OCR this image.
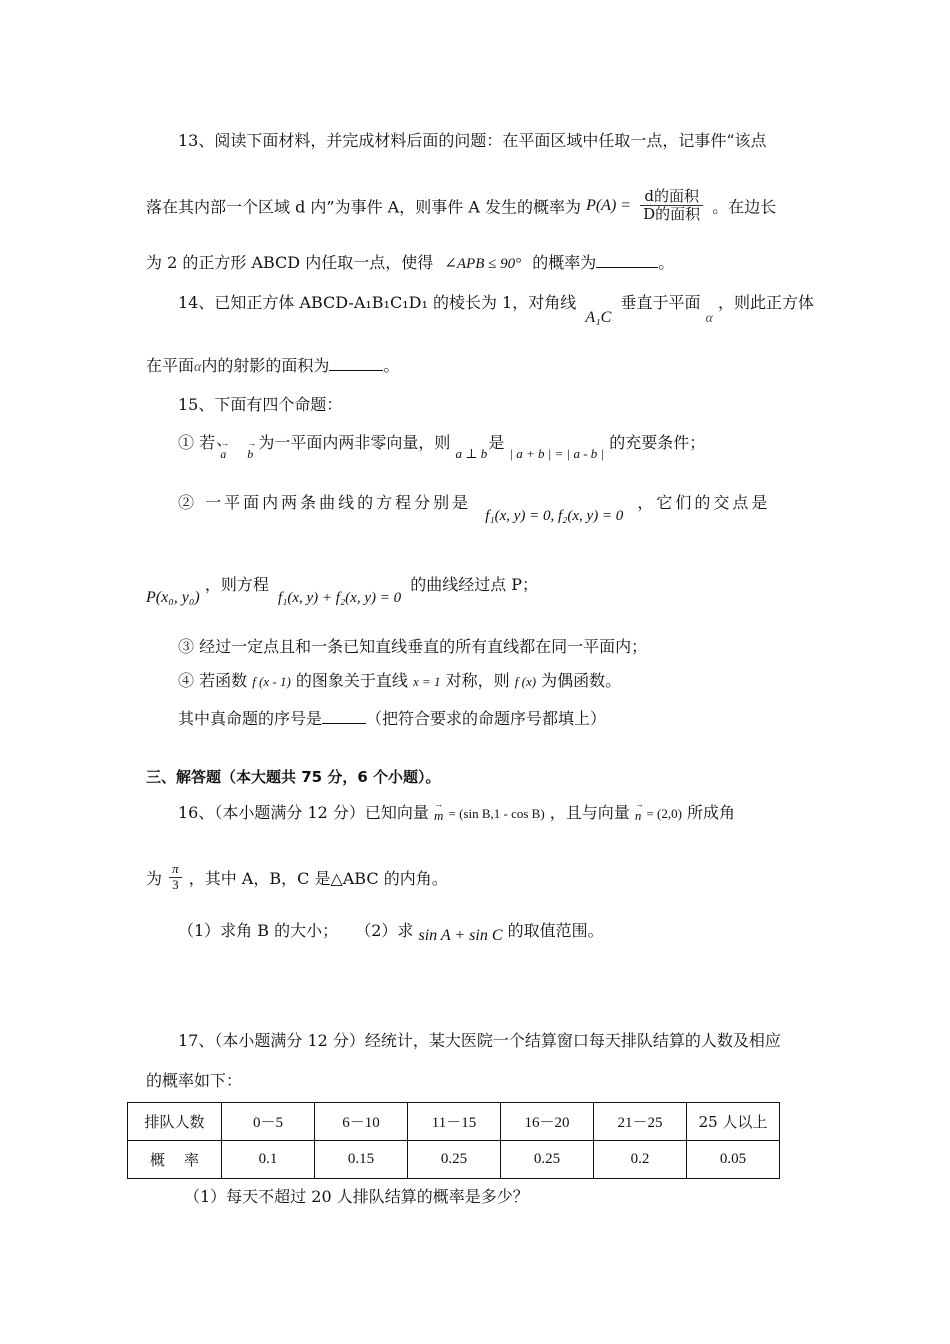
13、阅读下面材料，并完成材料后面的问题：在平面区域中任取一点，记事件“该点
落在其内部一个区域 d 内”为事件 A，则事件 A 发生的概率为 $P(A) = \frac{\text{d的面积}}{\text{D的面积}}$ 。在边长
为 2 的正方形 ABCD 内任取一点，使得 ∠APB ≤ 90° 的概率为	。
14、已知正方体 ABCD-A₁B₁C₁D₁ 的棱长为 1，对角线 A₁C 垂直于平面 α ，则此正方体
在平面α内的射影的面积为	。
15、下面有四个命题：
① 若 → a、 → b 为一平面内两非零向量，则 $_{a \perp b}$ 是 $_{| a + b | = | a - b |}$ 的充要条件；
② 一平面内两条曲线的方程分别是 f₁(x, y) = 0, f₂(x, y) = 0 ，它们的交点是
P(x₀, y₀) ，则方程 f₁(x, y) + f₂(x, y) = 0 的曲线经过点 P；
③ 经过一定点且和一条已知直线垂直的所有直线都在同一平面内；
④ 若函数 f (x - 1) 的图象关于直线 x = 1 对称，则 f (x) 为偶函数。
其中真命题的序号是	（把符合要求的命题序号都填上）
三、解答题（本大题共 75 分，6 个小题）。
16、（本小题满分 12 分）已知向量 → m = (sin B,1 - cos B) ，且与向量 → n = (2,0) 所成角
为 $\frac{\pi}{3}$ ，其中 A，B，C 是△ABC 的内角。
（1）求角 B 的大小； （2）求 sin A + sin C 的取值范围。
17、（本小题满分 12 分）经统计，某大医院一个结算窗口每天排队结算的人数及相应
的概率如下：
排队人数	0－5	6－10	11－15	16－20	21－25	25 人以上
概    率	0.1	0.15	0.25	0.25	0.2	0.05
（1）每天不超过 20 人排队结算的概率是多少？
